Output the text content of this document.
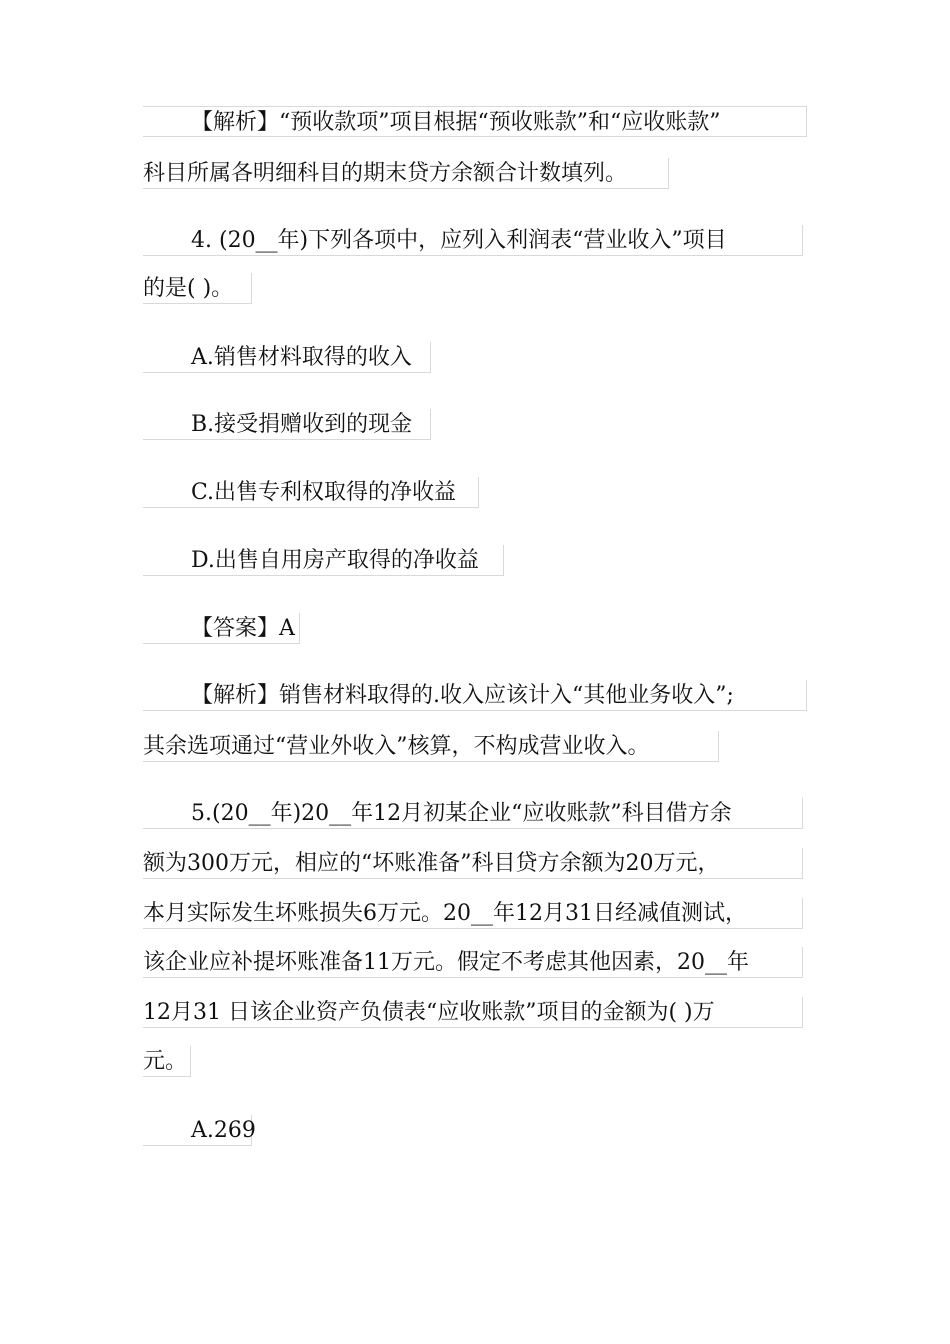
【解析】“预收款项”项目根据“预收账款”和“应收账款”
科目所属各明细科目的期末贷方余额合计数填列。
4. (20__年)下列各项中，应列入利润表“营业收入”项目
的是( )。
A.销售材料取得的收入
B.接受捐赠收到的现金
C.出售专利权取得的净收益
D.出售自用房产取得的净收益
【答案】A
【解析】销售材料取得的.收入应该计入“其他业务收入”;
其余选项通过“营业外收入”核算，不构成营业收入。
5.(20__年)20__年12月初某企业“应收账款”科目借方余
额为300万元，相应的“坏账准备”科目贷方余额为20万元，
本月实际发生坏账损失6万元。20__年12月31日经减值测试，
该企业应补提坏账准备11万元。假定不考虑其他因素，20__年
12月31 日该企业资产负债表“应收账款”项目的金额为( )万
元。
A.269
